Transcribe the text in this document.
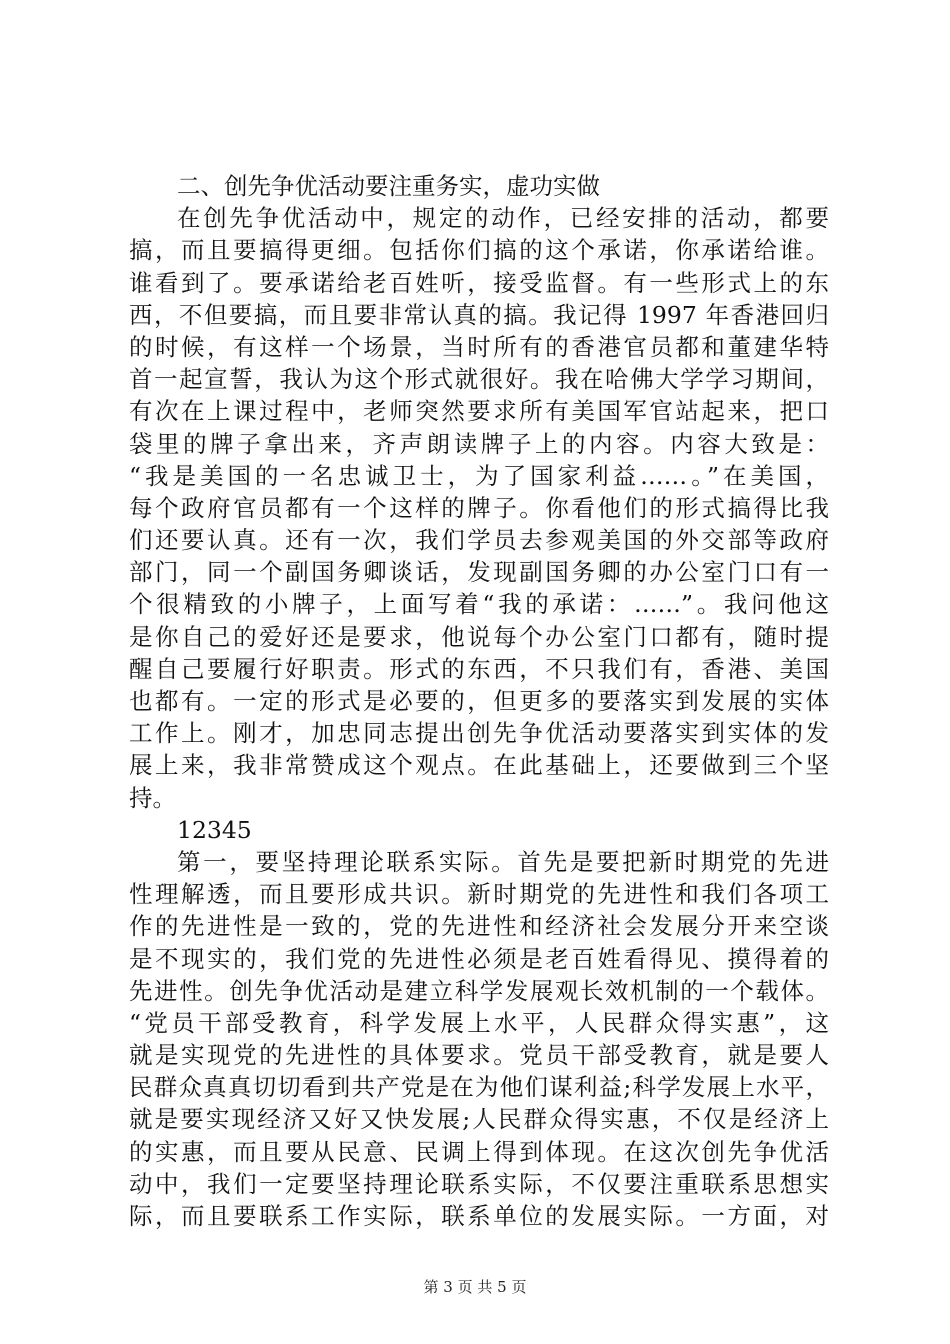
二、创先争优活动要注重务实，虚功实做
在创先争优活动中，规定的动作，已经安排的活动，都要
搞，而且要搞得更细。包括你们搞的这个承诺，你承诺给谁。
谁看到了。要承诺给老百姓听，接受监督。有一些形式上的东
西，不但要搞，而且要非常认真的搞。我记得 1997 年香港回归
的时候，有这样一个场景，当时所有的香港官员都和董建华特
首一起宣誓，我认为这个形式就很好。我在哈佛大学学习期间，
有次在上课过程中，老师突然要求所有美国军官站起来，把口
袋里的牌子拿出来，齐声朗读牌子上的内容。内容大致是：
“我是美国的一名忠诚卫士，为了国家利益……。”在美国，
每个政府官员都有一个这样的牌子。你看他们的形式搞得比我
们还要认真。还有一次，我们学员去参观美国的外交部等政府
部门，同一个副国务卿谈话，发现副国务卿的办公室门口有一
个很精致的小牌子，上面写着“我的承诺：……”。我问他这
是你自己的爱好还是要求，他说每个办公室门口都有，随时提
醒自己要履行好职责。形式的东西，不只我们有，香港、美国
也都有。一定的形式是必要的，但更多的要落实到发展的实体
工作上。刚才，加忠同志提出创先争优活动要落实到实体的发
展上来，我非常赞成这个观点。在此基础上，还要做到三个坚
持。
12345
第一，要坚持理论联系实际。首先是要把新时期党的先进
性理解透，而且要形成共识。新时期党的先进性和我们各项工
作的先进性是一致的，党的先进性和经济社会发展分开来空谈
是不现实的，我们党的先进性必须是老百姓看得见、摸得着的
先进性。创先争优活动是建立科学发展观长效机制的一个载体。
“党员干部受教育，科学发展上水平，人民群众得实惠”，这
就是实现党的先进性的具体要求。党员干部受教育，就是要人
民群众真真切切看到共产党是在为他们谋利益;科学发展上水平，
就是要实现经济又好又快发展;人民群众得实惠，不仅是经济上
的实惠，而且要从民意、民调上得到体现。在这次创先争优活
动中，我们一定要坚持理论联系实际，不仅要注重联系思想实
际，而且要联系工作实际，联系单位的发展实际。一方面，对
第 3 页 共 5 页
